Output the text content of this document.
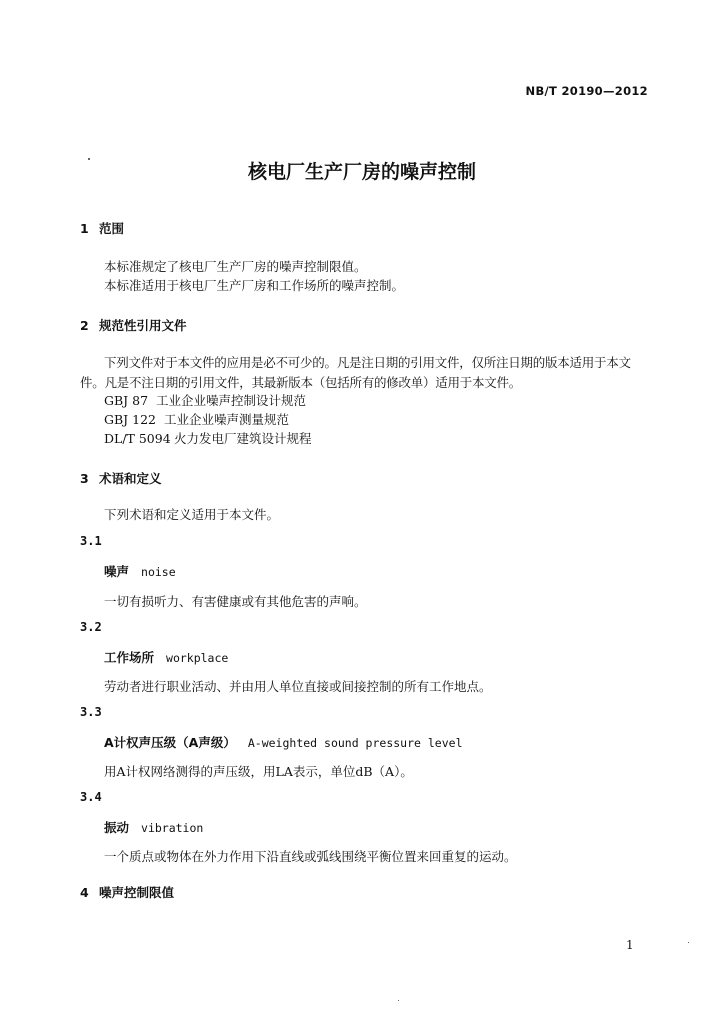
NB/T 20190—2012
核电厂生产厂房的噪声控制
1 范围
本标准规定了核电厂生产厂房的噪声控制限值。
本标准适用于核电厂生产厂房和工作场所的噪声控制。
2 规范性引用文件
下列文件对于本文件的应用是必不可少的。凡是注日期的引用文件，仅所注日期的版本适用于本文
件。凡是不注日期的引用文件，其最新版本（包括所有的修改单）适用于本文件。
GBJ 87 工业企业噪声控制设计规范
GBJ 122 工业企业噪声测量规范
DL/T 5094 火力发电厂建筑设计规程
3 术语和定义
下列术语和定义适用于本文件。
3.1
噪声 noise
一切有损听力、有害健康或有其他危害的声响。
3.2
工作场所 workplace
劳动者进行职业活动、并由用人单位直接或间接控制的所有工作地点。
3.3
A计权声压级（A声级） A-weighted sound pressure level
用A计权网络测得的声压级，用LA表示，单位dB（A）。
3.4
振动 vibration
一个质点或物体在外力作用下沿直线或弧线围绕平衡位置来回重复的运动。
4 噪声控制限值
1
